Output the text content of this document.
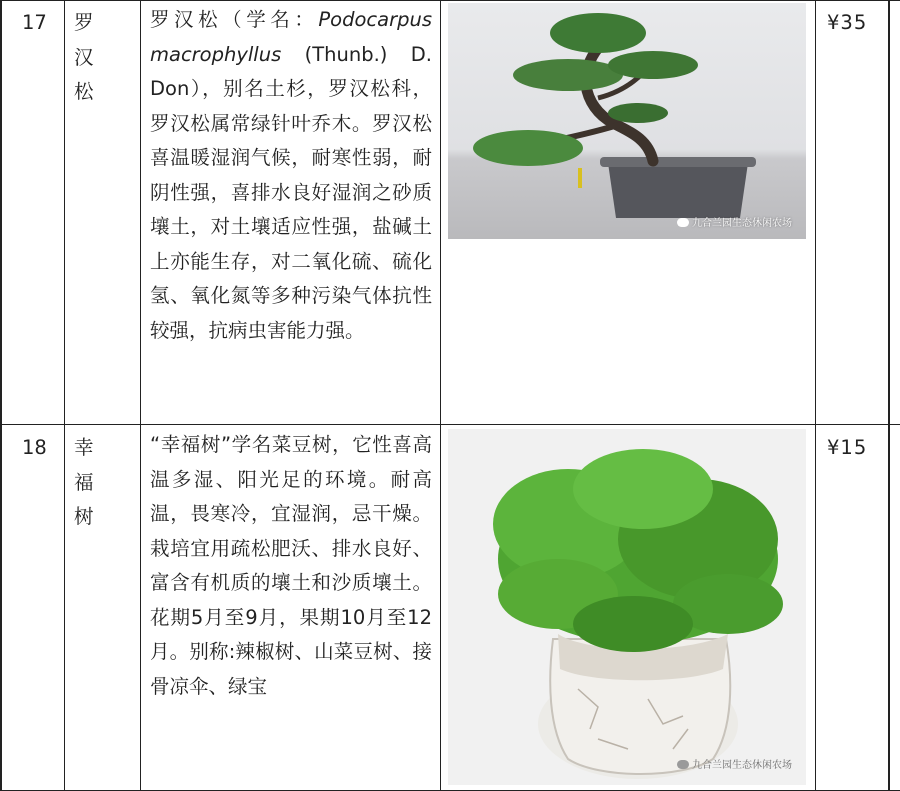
17	罗汉松
罗汉松（学名：Podocarpus macrophyllus (Thunb.) D. Don），别名土杉，罗汉松科，罗汉松属常绿针叶乔木。罗汉松喜温暖湿润气候，耐寒性弱，耐阴性强，喜排水良好湿润之砂质壤土，对土壤适应性强，盐碱土上亦能生存，对二氧化硫、硫化氢、氧化氮等多种污染气体抗性较强，抗病虫害能力强。
九合兰园生态休闲农场
¥35
18	幸福树
“幸福树”学名菜豆树，它性喜高温多湿、阳光足的环境。耐高温，畏寒冷，宜湿润，忌干燥。栽培宜用疏松肥沃、排水良好、富含有机质的壤土和沙质壤土。花期5月至9月，果期10月至12月。别称:辣椒树、山菜豆树、接骨凉伞、绿宝
九合兰园生态休闲农场
¥15
